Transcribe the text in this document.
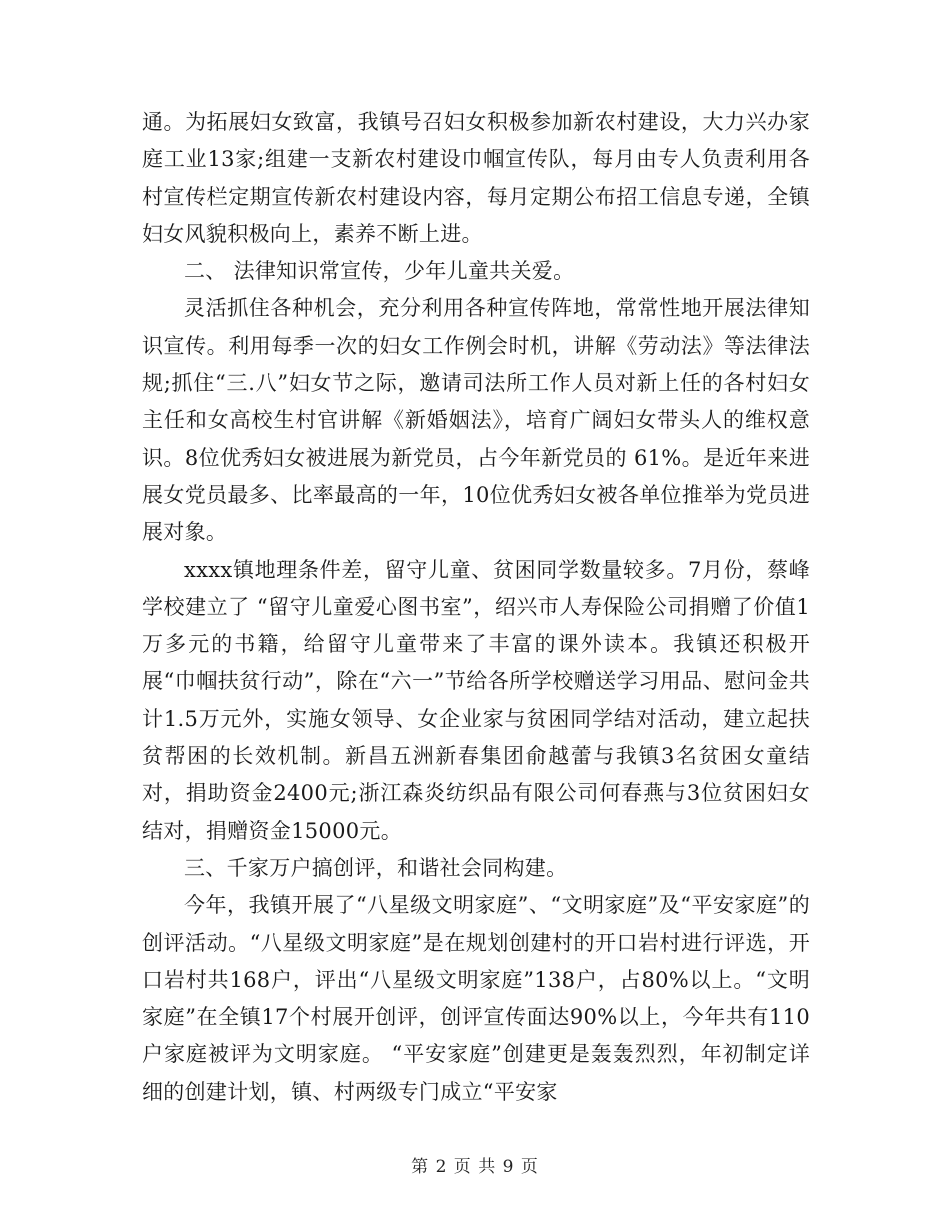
通。为拓展妇女致富，我镇号召妇女积极参加新农村建设，大力兴办家庭工业13家;组建一支新农村建设巾帼宣传队，每月由专人负责利用各村宣传栏定期宣传新农村建设内容，每月定期公布招工信息专递，全镇妇女风貌积极向上，素养不断上进。

二、 法律知识常宣传，少年儿童共关爱。

灵活抓住各种机会，充分利用各种宣传阵地，常常性地开展法律知识宣传。利用每季一次的妇女工作例会时机，讲解《劳动法》等法律法规;抓住“三.八”妇女节之际，邀请司法所工作人员对新上任的各村妇女主任和女高校生村官讲解《新婚姻法》，培育广阔妇女带头人的维权意识。8位优秀妇女被进展为新党员，占今年新党员的 61%。是近年来进展女党员最多、比率最高的一年，10位优秀妇女被各单位推举为党员进展对象。

xxxx镇地理条件差，留守儿童、贫困同学数量较多。7月份，蔡峰学校建立了 “留守儿童爱心图书室”，绍兴市人寿保险公司捐赠了价值1万多元的书籍，给留守儿童带来了丰富的课外读本。我镇还积极开展“巾帼扶贫行动”，除在“六一”节给各所学校赠送学习用品、慰问金共计1.5万元外，实施女领导、女企业家与贫困同学结对活动，建立起扶贫帮困的长效机制。新昌五洲新春集团俞越蕾与我镇3名贫困女童结对，捐助资金2400元;浙江森炎纺织品有限公司何春燕与3位贫困妇女结对，捐赠资金15000元。

三、千家万户搞创评，和谐社会同构建。

今年，我镇开展了“八星级文明家庭”、“文明家庭”及“平安家庭”的创评活动。“八星级文明家庭”是在规划创建村的开口岩村进行评选，开口岩村共168户，评出“八星级文明家庭”138户，占80%以上。“文明家庭”在全镇17个村展开创评，创评宣传面达90%以上，今年共有110户家庭被评为文明家庭。 “平安家庭”创建更是轰轰烈烈，年初制定详细的创建计划，镇、村两级专门成立“平安家

第 2 页 共 9 页
